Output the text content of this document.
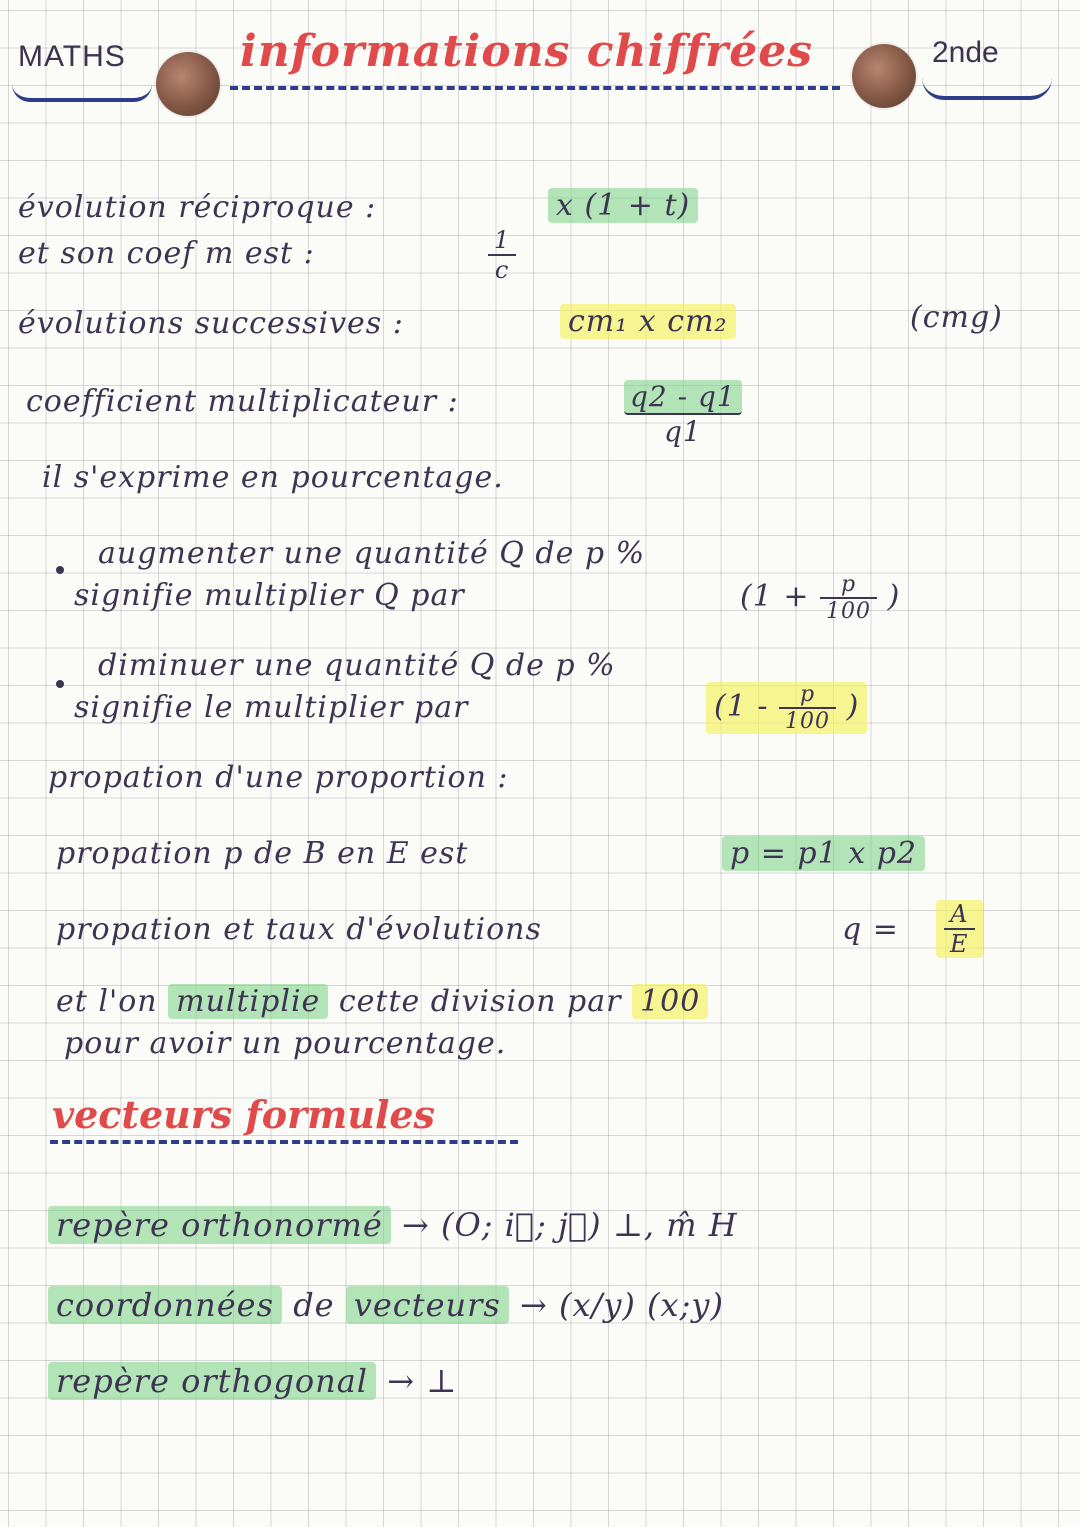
MATHS	informations chiffrées	2nde
évolution réciproque :	x (1 + t)
et son coef m est :	$\frac{1}{c}$
évolutions successives :	cm₁ x cm₂	(cmg)
coefficient multiplicateur :	$\frac{q2 - q1}{q1}$
il s'exprime en pourcentage.
augmenter une quantité Q de p %
signifie multiplier Q par	($1 + \frac{p}{100}$ )
diminuer une quantité Q de p %
signifie le multiplier par	($1 - \frac{p}{100}$ )
propation d'une proportion :
propation p de B en E est	p = p1 x p2
propation et taux d'évolutions	$q = \frac{A}{E}$
et l'on multiplie cette division par 100
pour avoir un pourcentage.
vecteurs formules
repère orthonormé → (O; i⃗; j⃗) ⊥, m̂ H
coordonnées de vecteurs → (x/y) (x;y)
repère orthogonal → ⊥
